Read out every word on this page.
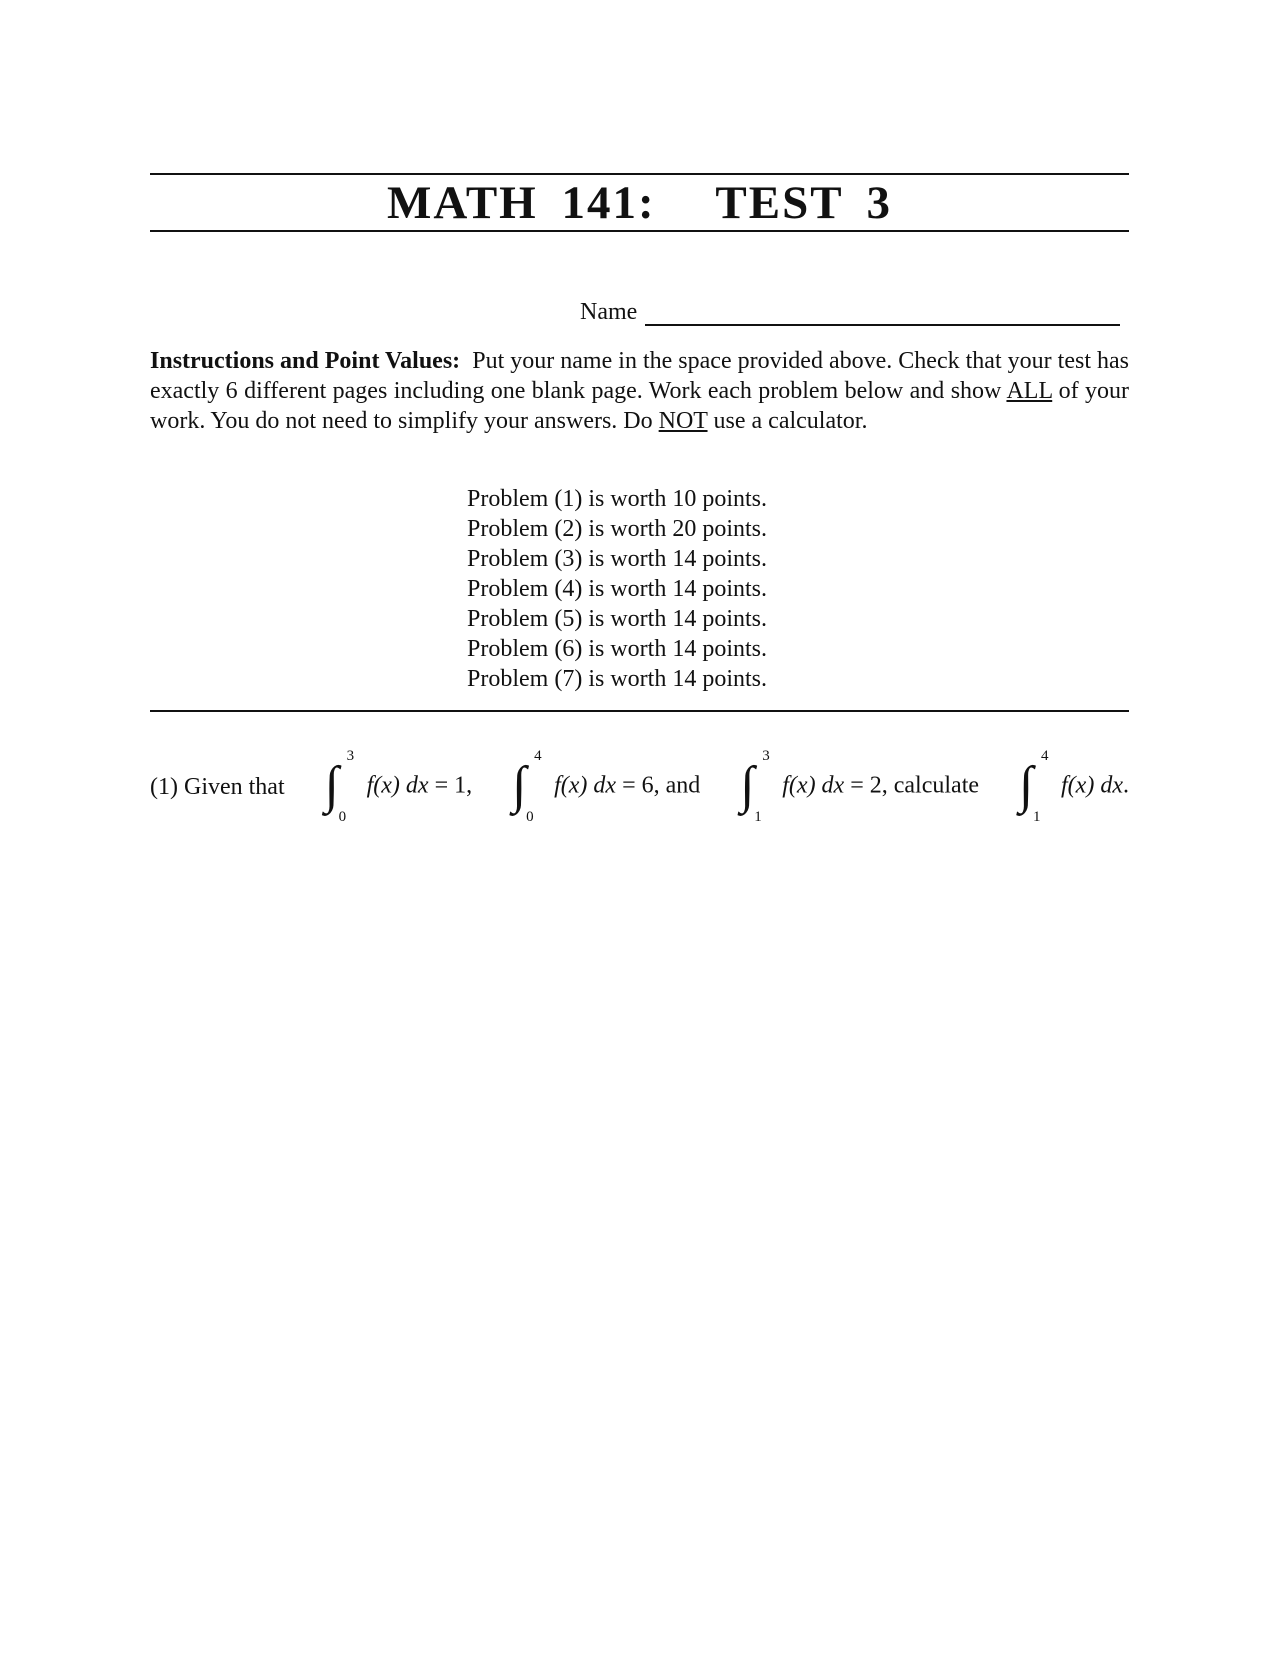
MATH 141: TEST 3
Name
Instructions and Point Values: Put your name in the space provided above. Check that your test has exactly 6 different pages including one blank page. Work each problem below and show ALL of your work. You do not need to simplify your answers. Do NOT use a calculator.
Problem (1) is worth 10 points.
Problem (2) is worth 20 points.
Problem (3) is worth 14 points.
Problem (4) is worth 14 points.
Problem (5) is worth 14 points.
Problem (6) is worth 14 points.
Problem (7) is worth 14 points.
(1) Given that ∫
3
0
f(x) dx = 1, ∫
4
0
f(x) dx = 6, and ∫
3
1
f(x) dx = 2, calculate ∫
4
1
f(x) dx.
